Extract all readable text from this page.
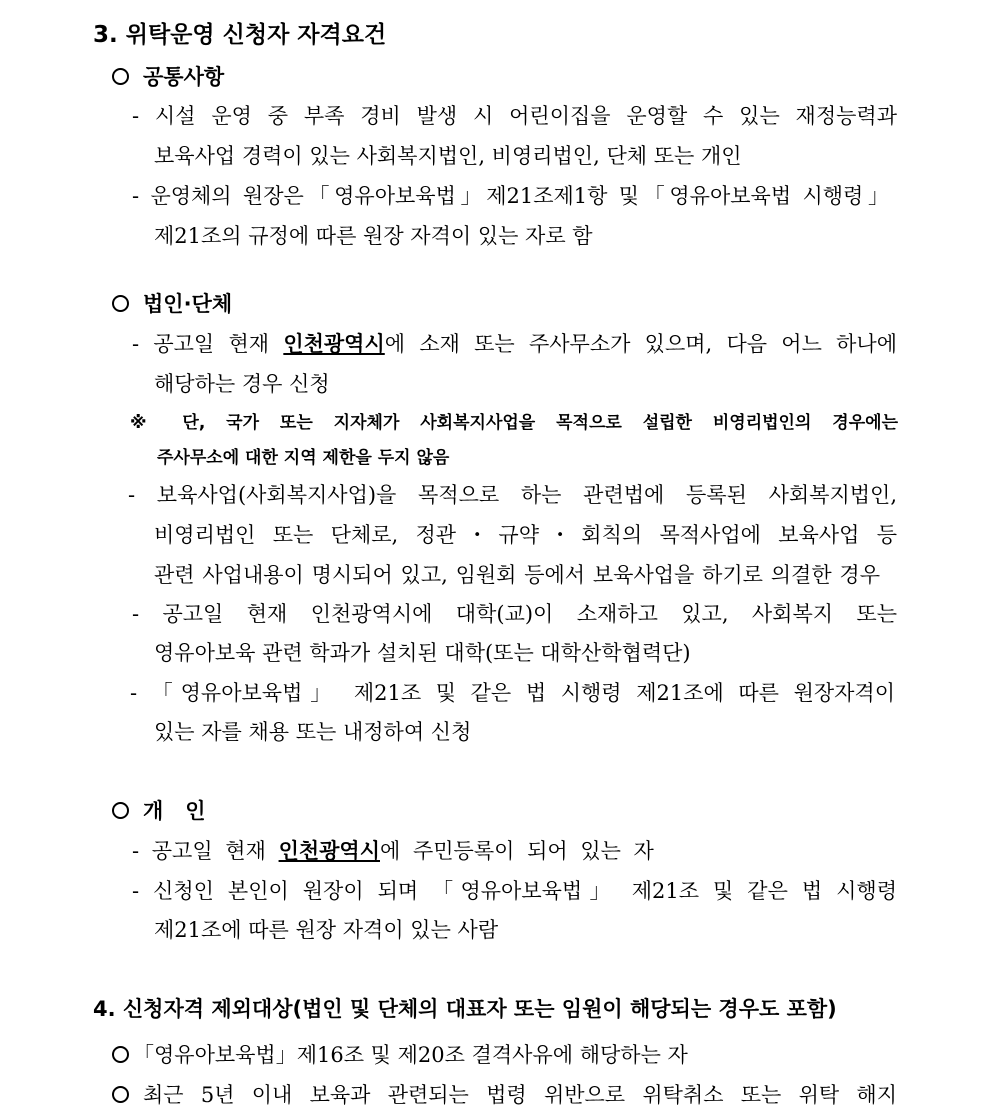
3. 위탁운영 신청자 자격요건
공통사항
- 시설 운영 중 부족 경비 발생 시 어린이집을 운영할 수 있는 재정능력과
보육사업 경력이 있는 사회복지법인, 비영리법인, 단체 또는 개인
- 운영체의 원장은「영유아보육법」제21조제1항 및「영유아보육법 시행령」
제21조의 규정에 따른 원장 자격이 있는 자로 함
법인·단체
- 공고일 현재 인천광역시에 소재 또는 주사무소가 있으며, 다음 어느 하나에
해당하는 경우 신청
※ 단, 국가 또는 지자체가 사회복지사업을 목적으로 설립한 비영리법인의 경우에는
주사무소에 대한 지역 제한을 두지 않음
- 보육사업(사회복지사업)을 목적으로 하는 관련법에 등록된 사회복지법인,
비영리법인 또는 단체로, 정관・규약・회칙의 목적사업에 보육사업 등
관련 사업내용이 명시되어 있고, 임원회 등에서 보육사업을 하기로 의결한 경우
- 공고일 현재 인천광역시에 대학(교)이 소재하고 있고, 사회복지 또는
영유아보육 관련 학과가 설치된 대학(또는 대학산학협력단)
- 「영유아보육법」 제21조 및 같은 법 시행령 제21조에 따른 원장자격이
있는 자를 채용 또는 내정하여 신청
개   인
- 공고일 현재 인천광역시에 주민등록이 되어 있는 자
- 신청인 본인이 원장이 되며 「영유아보육법」 제21조 및 같은 법 시행령
제21조에 따른 원장 자격이 있는 사람
4. 신청자격 제외대상(법인 및 단체의 대표자 또는 임원이 해당되는 경우도 포함)
「영유아보육법」제16조 및 제20조 결격사유에 해당하는 자
최근 5년 이내 보육과 관련되는 법령 위반으로 위탁취소 또는 위탁 해지
